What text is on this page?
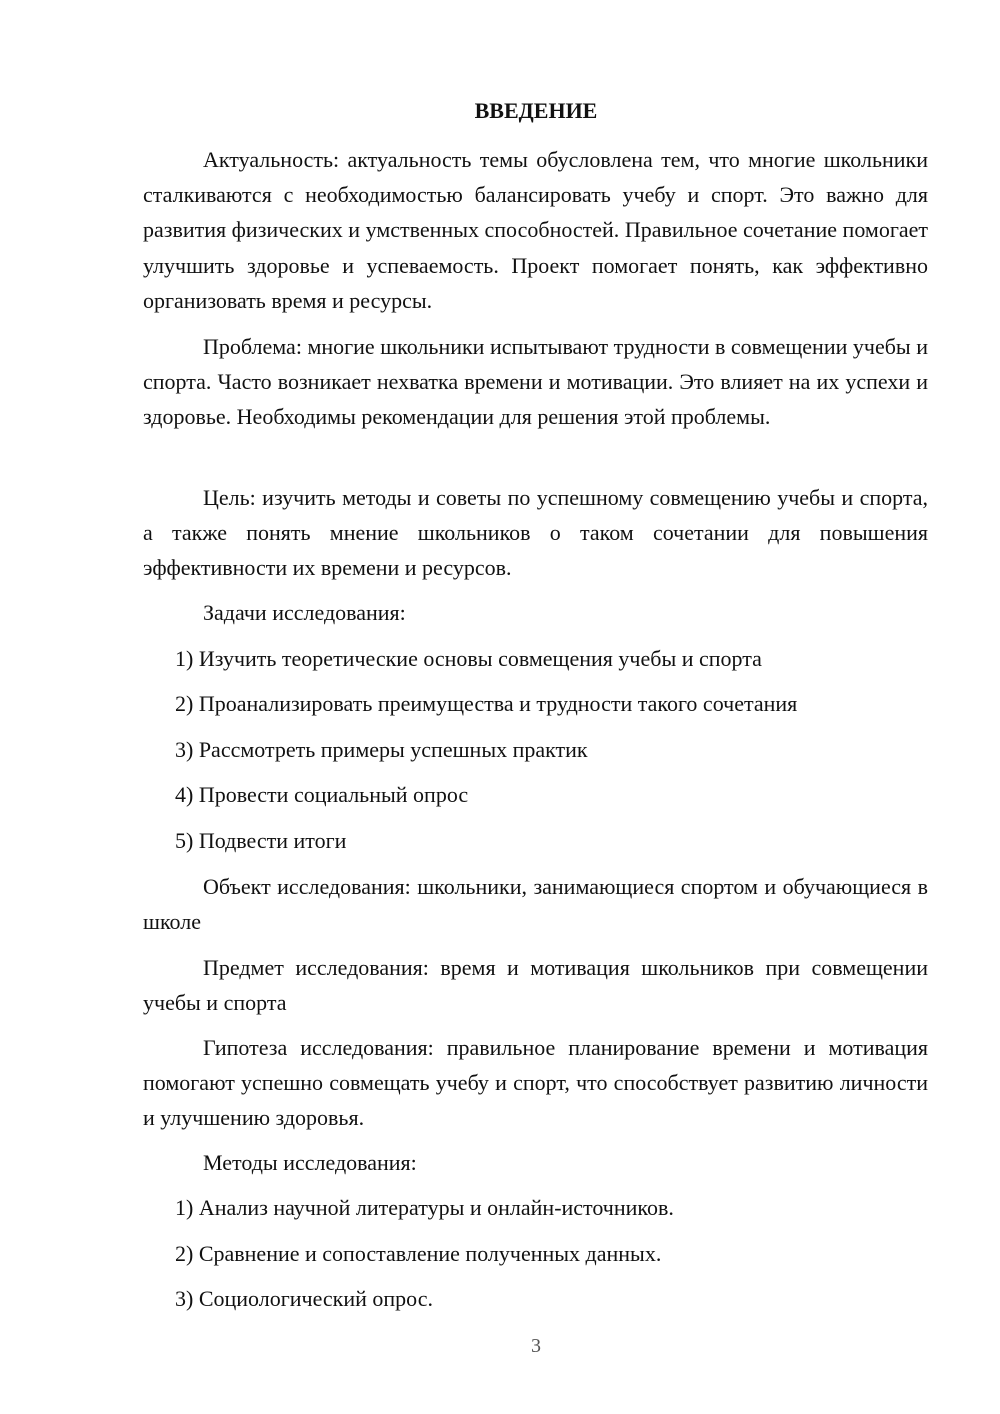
ВВЕДЕНИЕ

Актуальность: актуальность темы обусловлена тем, что многие школьники сталкиваются с необходимостью балансировать учебу и спорт. Это важно для развития физических и умственных способностей. Правильное сочетание помогает улучшить здоровье и успеваемость. Проект помогает понять, как эффективно организовать время и ресурсы.

Проблема: многие школьники испытывают трудности в совмещении учебы и спорта. Часто возникает нехватка времени и мотивации. Это влияет на их успехи и здоровье. Необходимы рекомендации для решения этой проблемы.

Цель: изучить методы и советы по успешному совмещению учебы и спорта, а также понять мнение школьников о таком сочетании для повышения эффективности их времени и ресурсов.

Задачи исследования:

1) Изучить теоретические основы совмещения учебы и спорта

2) Проанализировать преимущества и трудности такого сочетания

3) Рассмотреть примеры успешных практик

4) Провести социальный опрос

5) Подвести итоги

Объект исследования: школьники, занимающиеся спортом и обучающиеся в школе

Предмет исследования: время и мотивация школьников при совмещении учебы и спорта

Гипотеза исследования: правильное планирование времени и мотивация помогают успешно совмещать учебу и спорт, что способствует развитию личности и улучшению здоровья.

Методы исследования:

1) Анализ научной литературы и онлайн-источников.

2) Сравнение и сопоставление полученных данных.

3) Социологический опрос.

3
